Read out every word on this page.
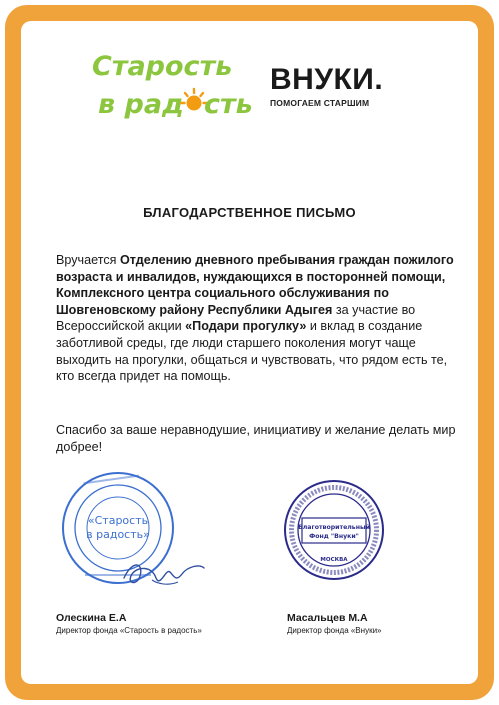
Старость
в рад сть
ВНУКИ.
ПОМОГАЕМ СТАРШИМ
БЛАГОДАРСТВЕННОЕ ПИСЬМО
Вручается Отделению дневного пребывания граждан пожилого возраста и инвалидов, нуждающихся в посторонней помощи, Комплексного центра социального обслуживания по Шовгеновскому району Республики Адыгея за участие во Всероссийской акции «Подари прогулку» и вклад в создание заботливой среды, где люди старшего поколения могут чаще выходить на прогулки, общаться и чувствовать, что рядом есть те, кто всегда придет на помощь.
Спасибо за ваше неравнодушие, инициативу и желание делать мир добрее!
«Старость
в радость»
Благотворительный
Фонд "Внуки"
МОСКВА
Олескина Е.А
Директор фонда «Старость в радость»
Масальцев М.А
Директор фонда «Внуки»
